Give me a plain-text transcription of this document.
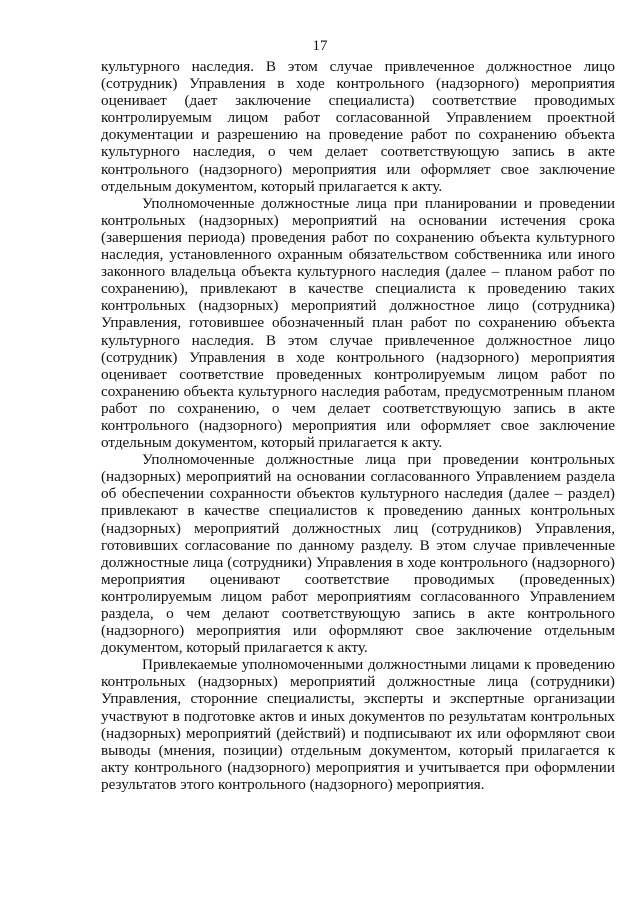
17

культурного наследия. В этом случае привлеченное должностное лицо (сотрудник) Управления в ходе контрольного (надзорного) мероприятия оценивает (дает заключение специалиста) соответствие проводимых контролируемым лицом работ согласованной Управлением проектной документации и разрешению на проведение работ по сохранению объекта культурного наследия, о чем делает соответствующую запись в акте контрольного (надзорного) мероприятия или оформляет свое заключение отдельным документом, который прилагается к акту.

Уполномоченные должностные лица при планировании и проведении контрольных (надзорных) мероприятий на основании истечения срока (завершения периода) проведения работ по сохранению объекта культурного наследия, установленного охранным обязательством собственника или иного законного владельца объекта культурного наследия (далее – планом работ по сохранению), привлекают в качестве специалиста к проведению таких контрольных (надзорных) мероприятий должностное лицо (сотрудника) Управления, готовившее обозначенный план работ по сохранению объекта культурного наследия. В этом случае привлеченное должностное лицо (сотрудник) Управления в ходе контрольного (надзорного) мероприятия оценивает соответствие проведенных контролируемым лицом работ по сохранению объекта культурного наследия работам, предусмотренным планом работ по сохранению, о чем делает соответствующую запись в акте контрольного (надзорного) мероприятия или оформляет свое заключение отдельным документом, который прилагается к акту.

Уполномоченные должностные лица при проведении контрольных (надзорных) мероприятий на основании согласованного Управлением раздела об обеспечении сохранности объектов культурного наследия (далее – раздел) привлекают в качестве специалистов к проведению данных контрольных (надзорных) мероприятий должностных лиц (сотрудников) Управления, готовивших согласование по данному разделу. В этом случае привлеченные должностные лица (сотрудники) Управления в ходе контрольного (надзорного) мероприятия оценивают соответствие проводимых (проведенных) контролируемым лицом работ мероприятиям согласованного Управлением раздела, о чем делают соответствующую запись в акте контрольного (надзорного) мероприятия или оформляют свое заключение отдельным документом, который прилагается к акту.

Привлекаемые уполномоченными должностными лицами к проведению контрольных (надзорных) мероприятий должностные лица (сотрудники) Управления, сторонние специалисты, эксперты и экспертные организации участвуют в подготовке актов и иных документов по результатам контрольных (надзорных) мероприятий (действий) и подписывают их или оформляют свои выводы (мнения, позиции) отдельным документом, который прилагается к акту контрольного (надзорного) мероприятия и учитывается при оформлении результатов этого контрольного (надзорного) мероприятия.
